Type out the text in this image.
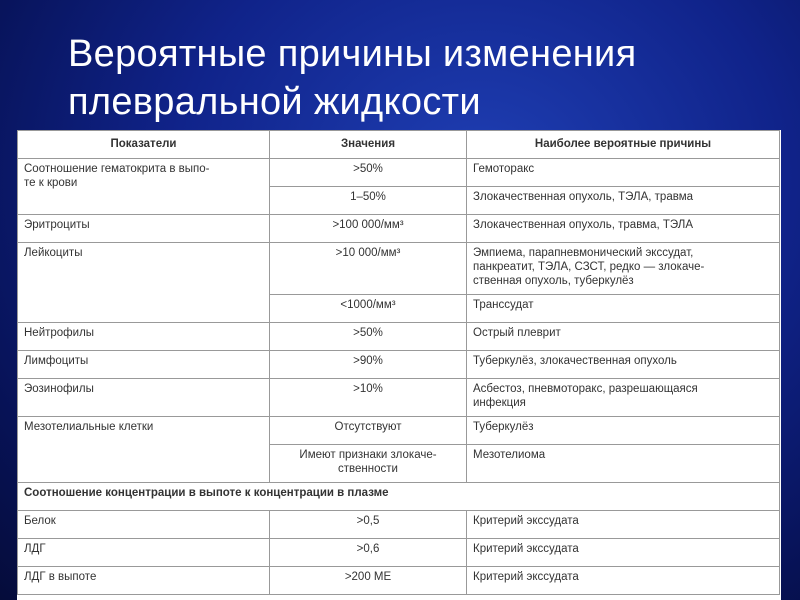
Вероятные причины изменения
плевральной жидкости
Показатели	Значения	Наиболее вероятные причины
Соотношение гематокрита в выпо-
те к крови	>50%	Гемоторакс
	1–50%	Злокачественная опухоль, ТЭЛА, травма
Эритроциты	>100 000/мм³	Злокачественная опухоль, травма, ТЭЛА
Лейкоциты	>10 000/мм³	Эмпиема, парапневмонический экссудат,
панкреатит, ТЭЛА, СЗСТ, редко — злокаче-
ственная опухоль, туберкулёз
	<1000/мм³	Транссудат
Нейтрофилы	>50%	Острый плеврит
Лимфоциты	>90%	Туберкулёз, злокачественная опухоль
Эозинофилы	>10%	Асбестоз, пневмоторакс, разрешающаяся
инфекция
Мезотелиальные клетки	Отсутствуют	Туберкулёз
	Имеют признаки злокаче-
ственности	Мезотелиома
Соотношение концентрации в выпоте к концентрации в плазме		
Белок	>0,5	Критерий экссудата
ЛДГ	>0,6	Критерий экссудата
ЛДГ в выпоте	>200 МЕ	Критерий экссудата
